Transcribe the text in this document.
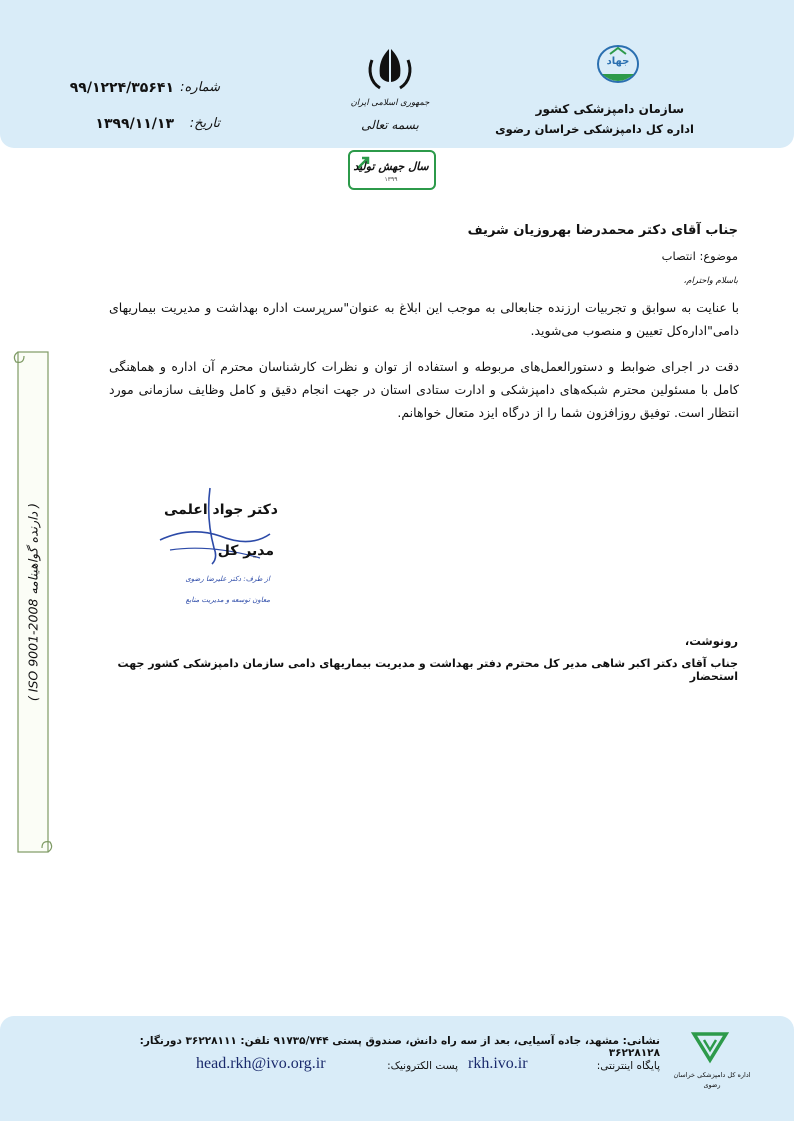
جهاد
سازمان دامپزشکی کشور
اداره کل دامپزشکی خراسان رضوی
جمهوری اسلامی ایران
بسمه تعالی
سال جهش تولید
۱۳۹۹
شماره:
۹۹/۱۲۲۴/۳۵۶۴۱
تاریخ:
۱۳۹۹/۱۱/۱۳
جناب آقای دکتر محمدرضا بهروزیان شریف
موضوع: انتصاب
باسلام واحترام،
با عنایت به سوابق و تجربیات ارزنده جنابعالی به موجب این ابلاغ به عنوان"سرپرست اداره بهداشت و مدیریت بیماریهای دامی"اداره‌کل تعیین و منصوب می‌شوید.
دقت در اجرای ضوابط و دستورالعمل‌های مربوطه و استفاده از توان و نظرات کارشناسان محترم آن اداره و هماهنگی کامل با مسئولین محترم شبکه‌های دامپزشکی و ادارت ستادی استان در جهت انجام دقیق و کامل وظایف سازمانی مورد انتظار است. توفیق روزافزون شما را از درگاه ایزد متعال خواهانم.
دکتر جواد اعلمی
مدیر کل
از طرف: دکتر علیرضا رضوی
معاون توسعه و مدیریت منابع
رونوشت،
جناب آقای دکتر اکبر شاهی مدیر کل محترم دفتر بهداشت و مدیریت بیماریهای دامی سازمان دامپزشکی کشور جهت استحضار
( دارنده گواهینامه ISO 9001-2008 )
اداره کل دامپزشکی خراسان رضوی
نشانی: مشهد، جاده آسیایی، بعد از سه راه دانش، صندوق پستی ۹۱۷۳۵/۷۴۴ تلفن: ۳۶۲۲۸۱۱۱ دورنگار: ۳۶۲۲۸۱۲۸
پایگاه اینترنتی:
rkh.ivo.ir
پست الکترونیک:
head.rkh@ivo.org.ir
